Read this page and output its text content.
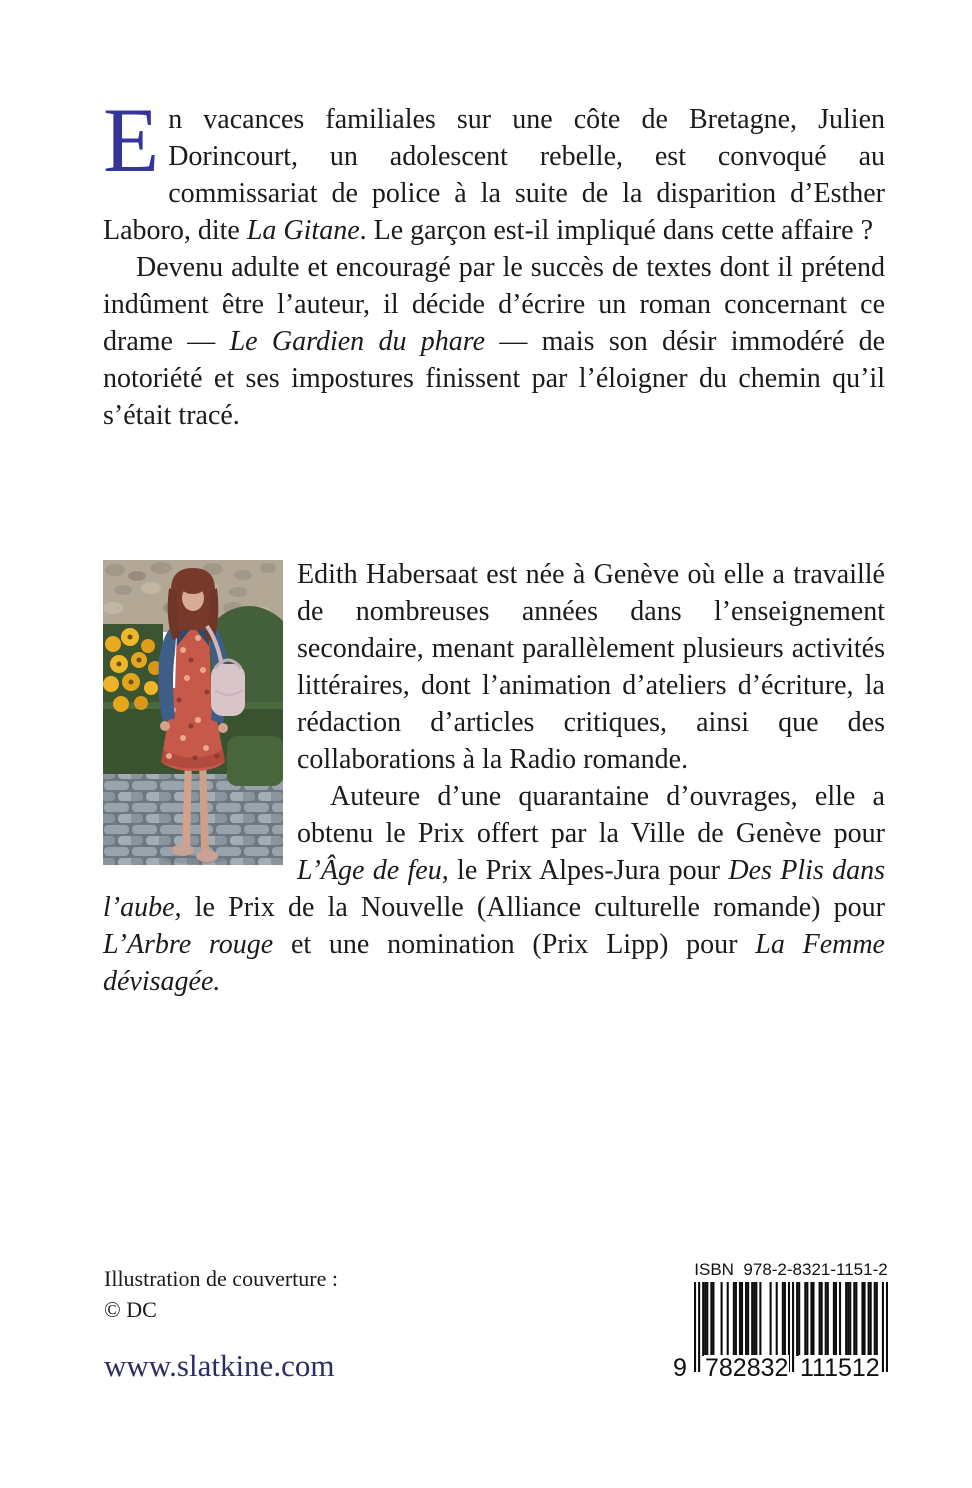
En vacances familiales sur une côte de Bretagne, Julien Dorincourt, un adolescent rebelle, est convoqué au commissariat de police à la suite de la disparition d’Esther Laboro, dite La Gitane. Le garçon est-il impliqué dans cette affaire ?

Devenu adulte et encouragé par le succès de textes dont il prétend indûment être l’auteur, il décide d’écrire un roman concernant ce drame — Le Gardien du phare — mais son désir immodéré de notoriété et ses impostures finissent par l’éloigner du chemin qu’il s’était tracé.

Edith Habersaat est née à Genève où elle a travaillé de nombreuses années dans l’enseignement secondaire, menant parallèlement plusieurs activités littéraires, dont l’animation d’ateliers d’écriture, la rédaction d’articles critiques, ainsi que des collaborations à la Radio romande.

Auteure d’une quarantaine d’ouvrages, elle a obtenu le Prix offert par la Ville de Genève pour L’Âge de feu, le Prix Alpes-Jura pour Des Plis dans l’aube, le Prix de la Nouvelle (Alliance culturelle romande) pour L’Arbre rouge et une nomination (Prix Lipp) pour La Femme dévisagée.

Illustration de couverture :
© DC
www.slatkine.com
ISBN  978-2-8321-1151-2
9 782832 111512
